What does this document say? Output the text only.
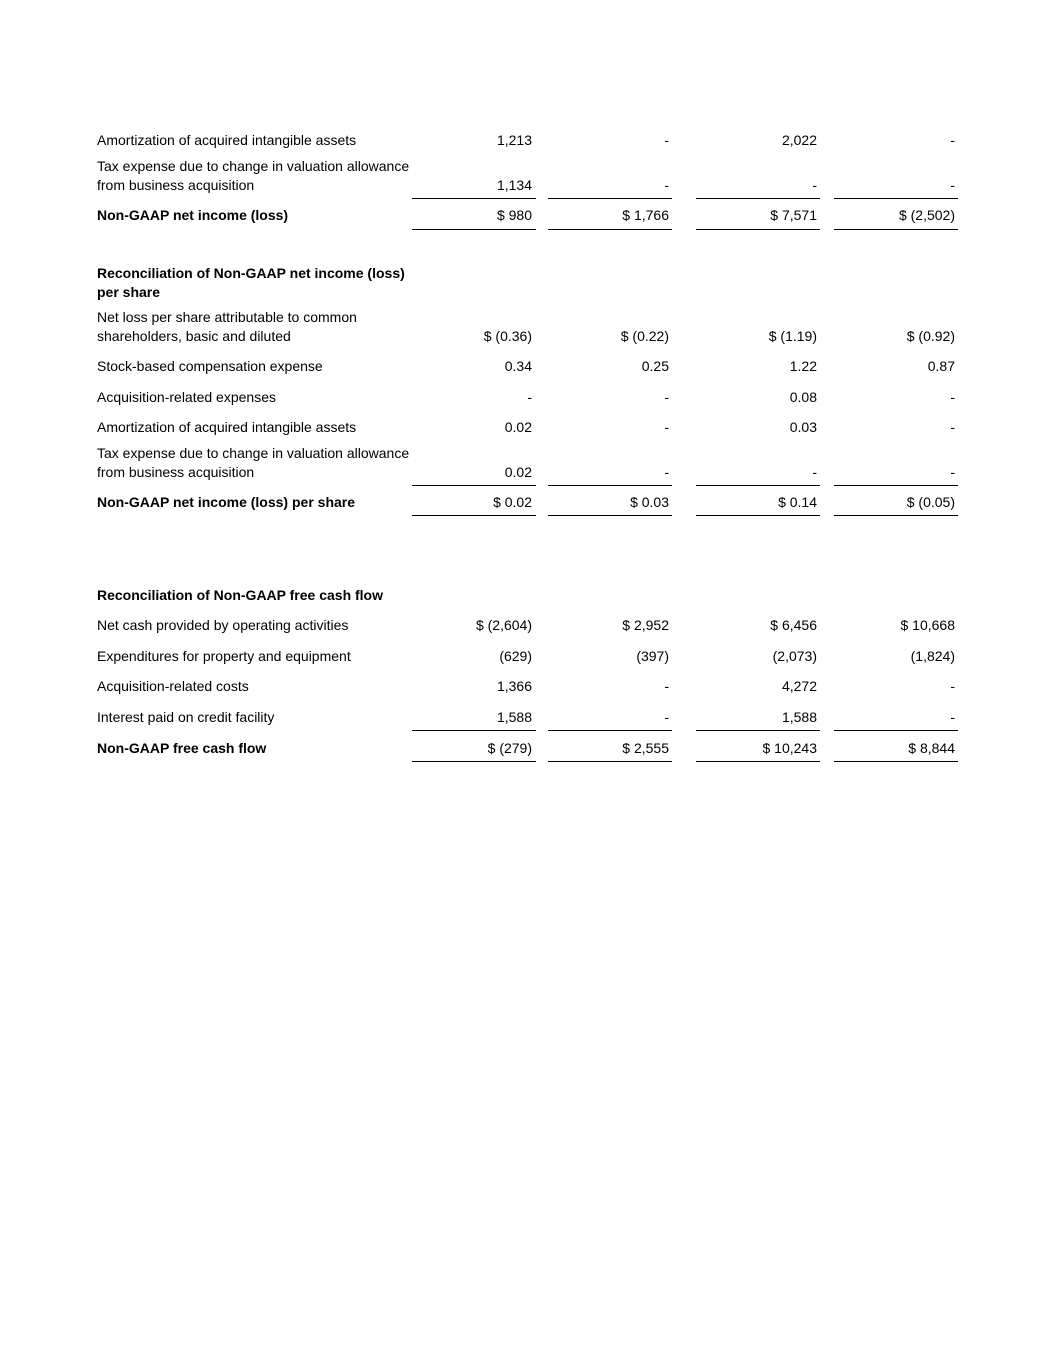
Amortization of acquired intangible assets	1,213	-	2,022	-
Tax expense due to change in valuation allowance
from business acquisition	1,134	-	-	-
Non-GAAP net income (loss)	$ 980	$ 1,766	$ 7,571	$ (2,502)
Reconciliation of Non-GAAP net income (loss)
per share
Net loss per share attributable to common
shareholders, basic and diluted	$ (0.36)	$ (0.22)	$ (1.19)	$ (0.92)
Stock-based compensation expense	0.34	0.25	1.22	0.87
Acquisition-related expenses	-	-	0.08	-
Amortization of acquired intangible assets	0.02	-	0.03	-
Tax expense due to change in valuation allowance
from business acquisition	0.02	-	-	-
Non-GAAP net income (loss) per share	$ 0.02	$ 0.03	$ 0.14	$ (0.05)
Reconciliation of Non-GAAP free cash flow
Net cash provided by operating activities	$ (2,604)	$ 2,952	$ 6,456	$ 10,668
Expenditures for property and equipment	(629)	(397)	(2,073)	(1,824)
Acquisition-related costs	1,366	-	4,272	-
Interest paid on credit facility	1,588	-	1,588	-
Non-GAAP free cash flow	$ (279)	$ 2,555	$ 10,243	$ 8,844
